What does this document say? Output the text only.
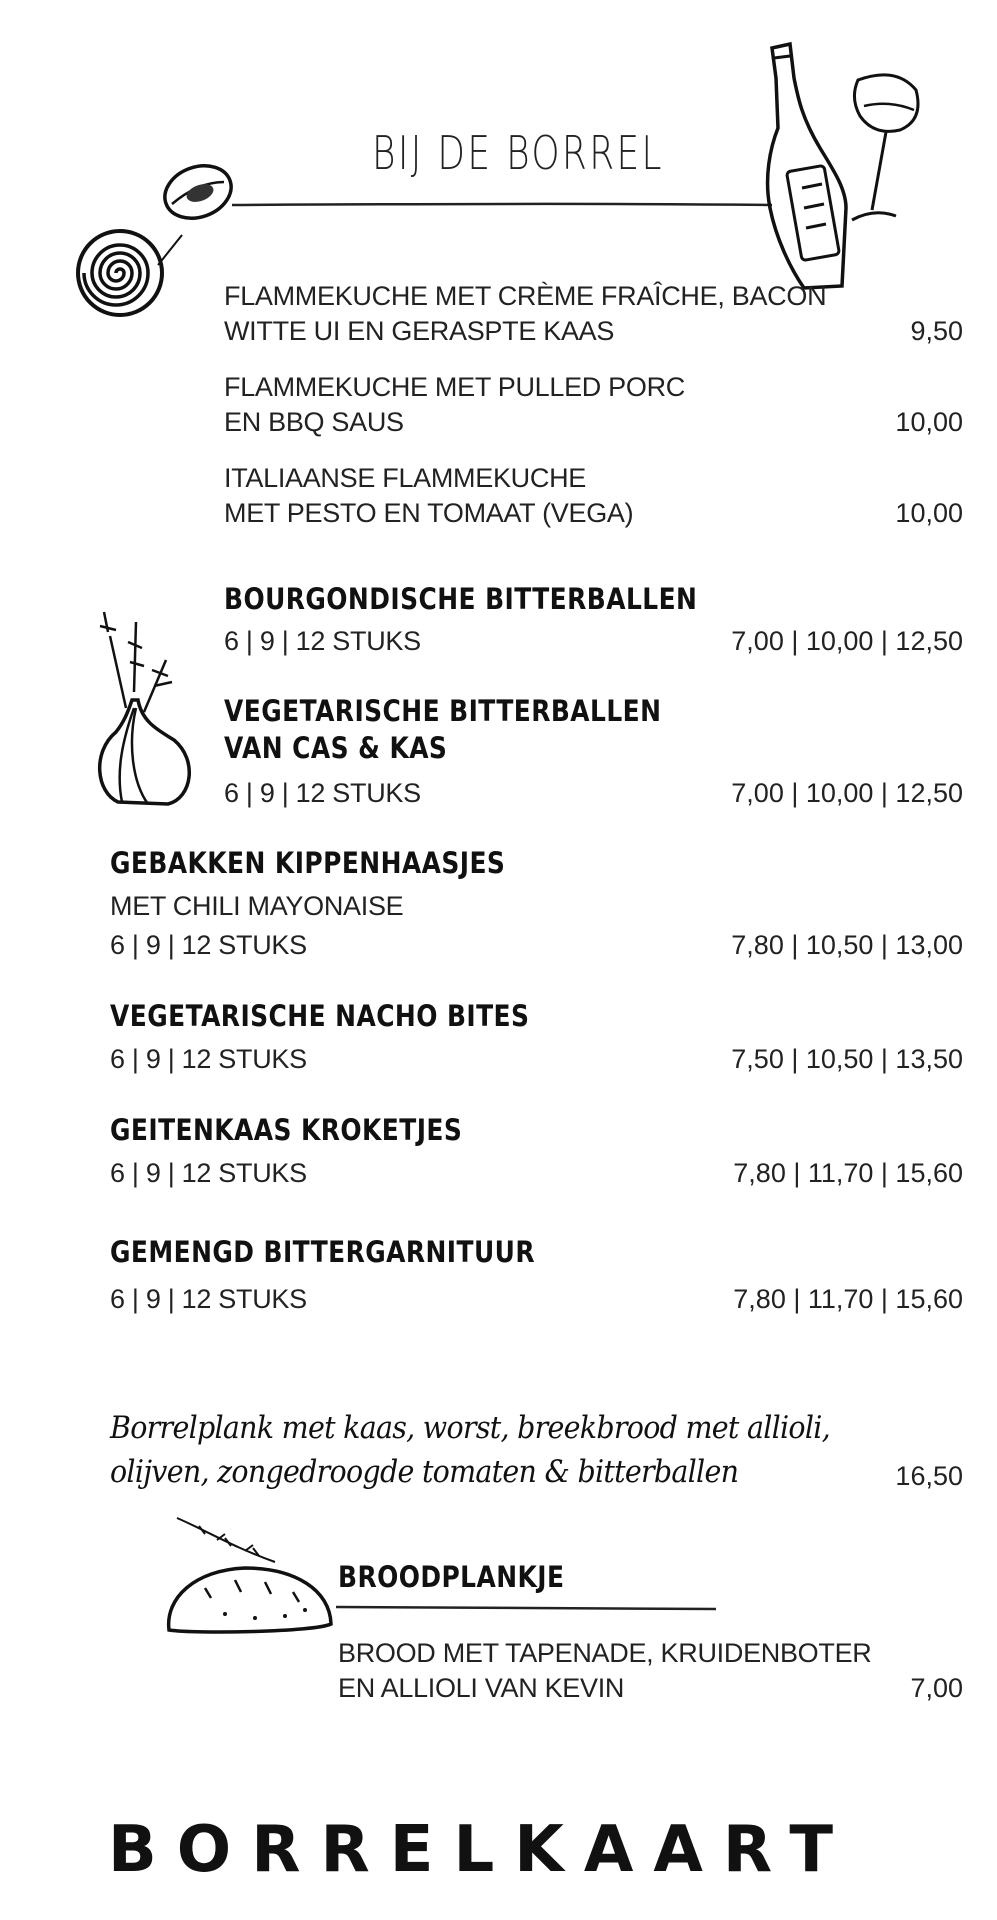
BIJ DE BORREL
FLAMMEKUCHE MET CRÈME FRAÎCHE, BACON
WITTE UI EN GERASPTE KAAS	9,50
FLAMMEKUCHE MET PULLED PORC
EN BBQ SAUS	10,00
ITALIAANSE FLAMMEKUCHE
MET PESTO EN TOMAAT (VEGA)	10,00
BOURGONDISCHE BITTERBALLEN
6 | 9 | 12 STUKS	7,00 | 10,00 | 12,50
VEGETARISCHE BITTERBALLEN
VAN CAS & KAS
6 | 9 | 12 STUKS	7,00 | 10,00 | 12,50
GEBAKKEN KIPPENHAASJES
MET CHILI MAYONAISE
6 | 9 | 12 STUKS	7,80 | 10,50 | 13,00
VEGETARISCHE NACHO BITES
6 | 9 | 12 STUKS	7,50 | 10,50 | 13,50
GEITENKAAS KROKETJES
6 | 9 | 12 STUKS	7,80 | 11,70 | 15,60
GEMENGD BITTERGARNITUUR
6 | 9 | 12 STUKS	7,80 | 11,70 | 15,60
Borrelplank met kaas, worst, breekbrood met allioli,
olijven, zongedroogde tomaten & bitterballen	16,50
BROODPLANKJE
BROOD MET TAPENADE, KRUIDENBOTER
EN ALLIOLI VAN KEVIN	7,00
BORRELKAART
